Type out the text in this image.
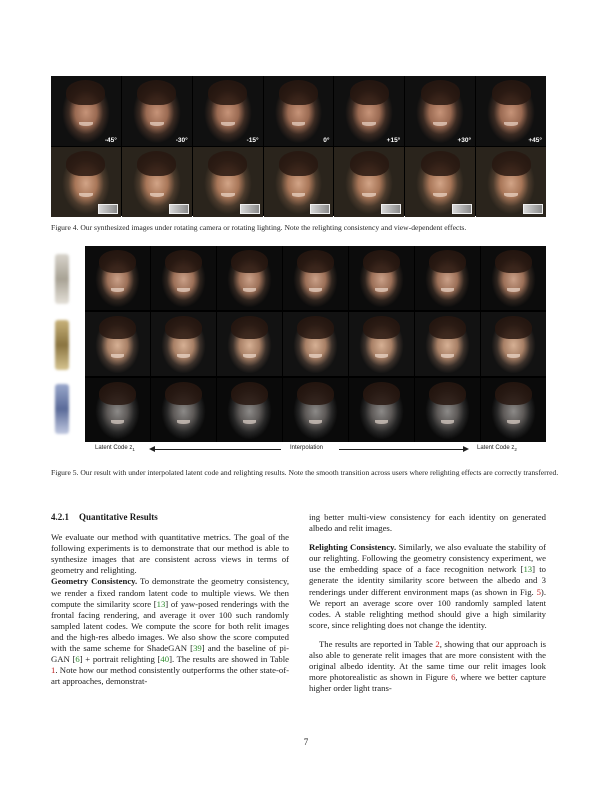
-45°	-30°	-15°	0°	+15°	+30°	+45°
Figure 4. Our synthesized images under rotating camera or rotating lighting. Note the relighting consistency and view-dependent effects.
Latent Code $z_1$	Interpolation	Latent Code $z_2$
Figure 5. Our result with under interpolated latent code and relighting results. Note the smooth transition across users where relighting effects are correctly transferred.

4.2.1 Quantitative Results

We evaluate our method with quantitative metrics. The goal of the following experiments is to demonstrate that our method is able to synthesize images that are consistent across views in terms of geometry and relighting.

Geometry Consistency. To demonstrate the geometry consistency, we render a fixed random latent code to multiple views. We then compute the similarity score [13] of yaw-posed renderings with the frontal facing rendering, and average it over 100 such randomly sampled latent codes. We compute the score for both relit images and the high-res albedo images. We also show the score computed with the same scheme for ShadeGAN [39] and the baseline of pi-GAN [6] + portrait relighting [40]. The results are showed in Table 1. Note how our method consistently outperforms the other state-of-art approaches, demonstrat-

ing better multi-view consistency for each identity on generated albedo and relit images.

Relighting Consistency. Similarly, we also evaluate the stability of our relighting. Following the geometry consistency experiment, we use the embedding space of a face recognition network [13] to generate the identity similarity score between the albedo and 3 renderings under different environment maps (as shown in Fig. 5). We report an average score over 100 randomly sampled latent codes. A stable relighting method should give a high similarity score, since relighting does not change the identity.

The results are reported in Table 2, showing that our approach is also able to generate relit images that are more consistent with the original albedo identity. At the same time our relit images look more photorealistic as shown in Figure 6, where we better capture higher order light trans-

7
